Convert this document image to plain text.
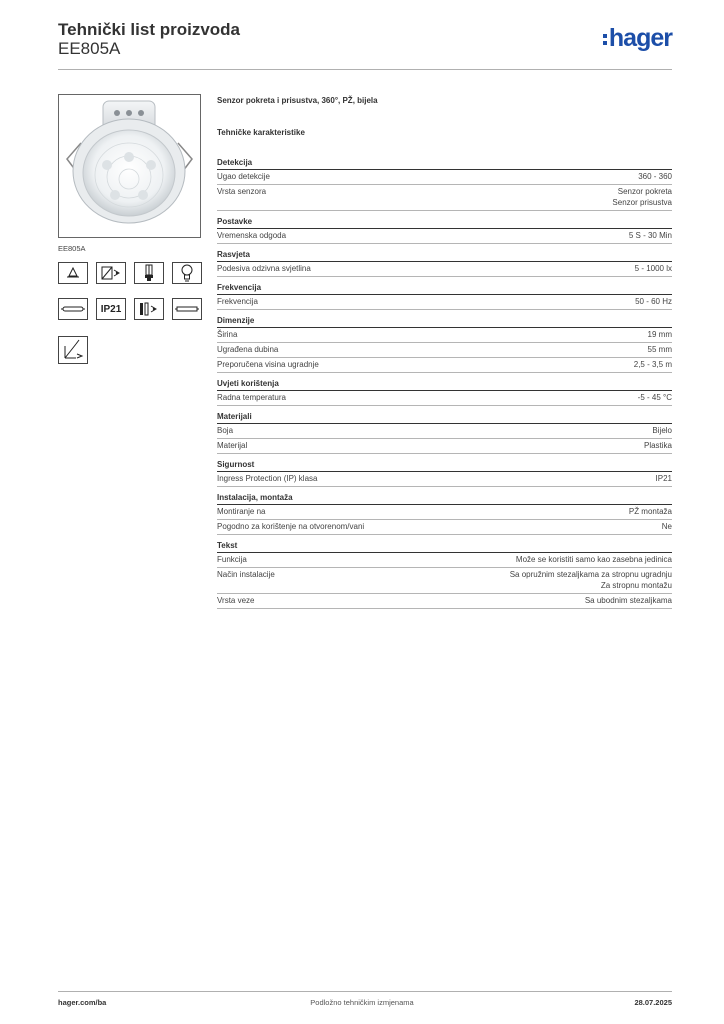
Tehnički list proizvoda
EE805A	hager
EE805A
IP21
Senzor pokreta i prisustva, 360°, PŽ, bijela
Tehničke karakteristike
Detekcija
Ugao detekcije	360 - 360
Vrsta senzora	Senzor pokreta
Senzor prisustva
Postavke
Vremenska odgoda	5 S - 30 Min
Rasvjeta
Podesiva odzivna svjetlina	5 - 1000 lx
Frekvencija
Frekvencija	50 - 60 Hz
Dimenzije
Širina	19 mm
Ugrađena dubina	55 mm
Preporučena visina ugradnje	2,5 - 3,5 m
Uvjeti korištenja
Radna temperatura	-5 - 45 °C
Materijali
Boja	Bijelo
Materijal	Plastika
Sigurnost
Ingress Protection (IP) klasa	IP21
Instalacija, montaža
Montiranje na	PŽ montaža
Pogodno za korištenje na otvorenom/vani	Ne
Tekst
Funkcija	Može se koristiti samo kao zasebna jedinica
Način instalacije	Sa opružnim stezaljkama za stropnu ugradnju
Za stropnu montažu
Vrsta veze	Sa ubodnim stezaljkama
hager.com/ba	Podložno tehničkim izmjenama	28.07.2025
